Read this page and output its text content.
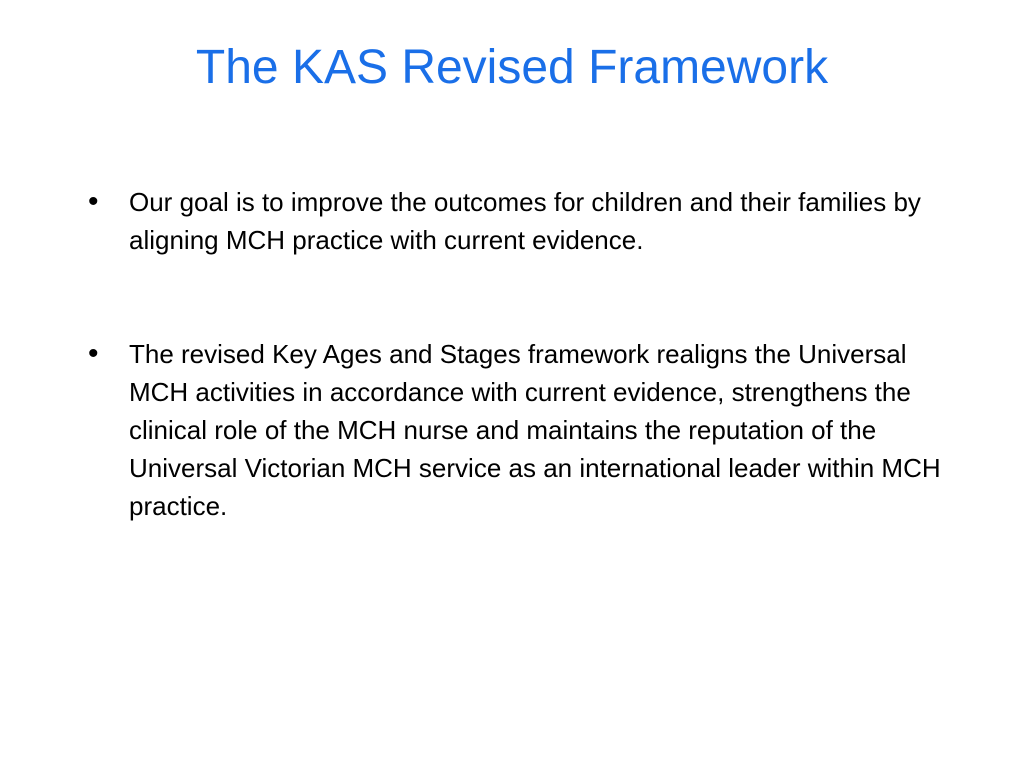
The KAS Revised Framework
• Our goal is to improve the outcomes for children and their families by aligning MCH practice with current evidence.
• The revised Key Ages and Stages framework realigns the Universal MCH activities in accordance with current evidence, strengthens the clinical role of the MCH nurse and maintains the reputation of the Universal Victorian MCH service as an international leader within MCH practice.
